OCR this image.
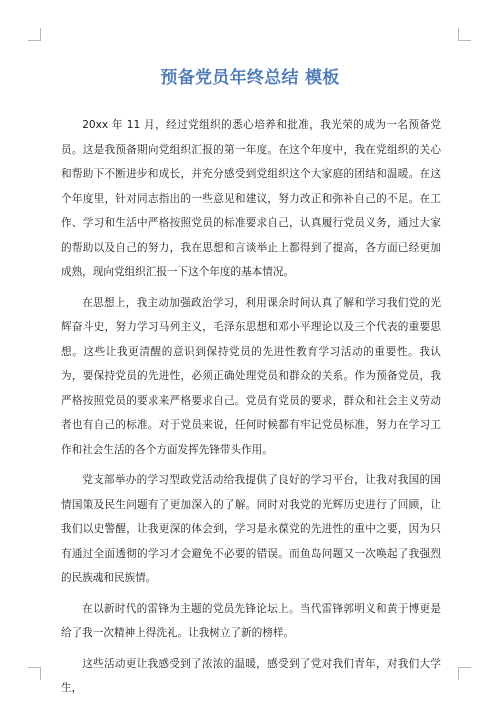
预备党员年终总结 模板

20xx 年 11 月，经过党组织的悉心培养和批准，我光荣的成为一名预备党员。这是我预备期向党组织汇报的第一年度。在这个年度中，我在党组织的关心和帮助下不断进步和成长，并充分感受到党组织这个大家庭的团结和温暖。在这个年度里，针对同志指出的一些意见和建议，努力改正和弥补自己的不足。在工作、学习和生活中严格按照党员的标准要求自己，认真履行党员义务，通过大家的帮助以及自己的努力，我在思想和言谈举止上都得到了提高，各方面已经更加成熟，现向党组织汇报一下这个年度的基本情况。

在思想上，我主动加强政治学习，利用课余时间认真了解和学习我们党的光辉奋斗史，努力学习马列主义，毛泽东思想和邓小平理论以及三个代表的重要思想。这些让我更清醒的意识到保持党员的先进性教育学习活动的重要性。我认为，要保持党员的先进性，必须正确处理党员和群众的关系。作为预备党员，我严格按照党员的要求来严格要求自己。党员有党员的要求，群众和社会主义劳动者也有自己的标准。对于党员来说，任何时候都有牢记党员标准，努力在学习工作和社会生活的各个方面发挥先锋带头作用。

党支部举办的学习型政党活动给我提供了良好的学习平台，让我对我国的国情国策及民生问题有了更加深入的了解。同时对我党的光辉历史进行了回顾，让我们以史警醒，让我更深的体会到，学习是永葆党的先进性的重中之要，因为只有通过全面透彻的学习才会避免不必要的错误。而鱼岛问题又一次唤起了我强烈的民族魂和民族情。

在以新时代的雷锋为主题的党员先锋论坛上。当代雷锋郭明义和黄于博更是给了我一次精神上得洗礼。让我树立了新的榜样。

这些活动更让我感受到了浓浓的温暖，感受到了党对我们青年，对我们大学生，
